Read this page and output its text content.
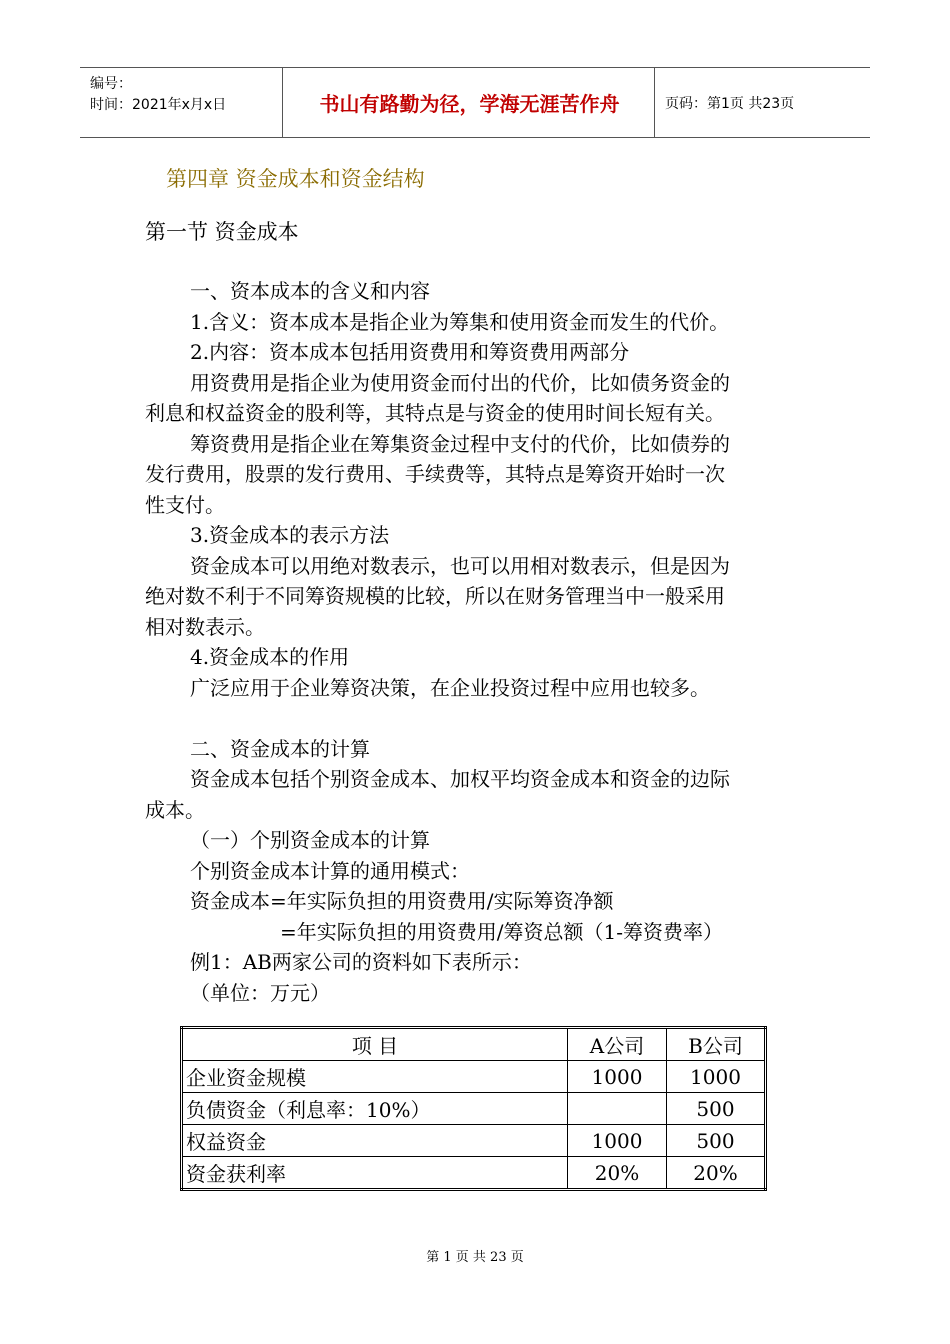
编号：
时间：2021年x月x日	书山有路勤为径，学海无涯苦作舟	页码：第1页 共23页
第四章 资金成本和资金结构
第一节 资金成本

一、资本成本的含义和内容

1.含义：资本成本是指企业为筹集和使用资金而发生的代价。

2.内容：资本成本包括用资费用和筹资费用两部分

用资费用是指企业为使用资金而付出的代价，比如债务资金的

利息和权益资金的股利等，其特点是与资金的使用时间长短有关。

筹资费用是指企业在筹集资金过程中支付的代价，比如债券的

发行费用，股票的发行费用、手续费等，其特点是筹资开始时一次

性支付。

3.资金成本的表示方法

资金成本可以用绝对数表示，也可以用相对数表示，但是因为

绝对数不利于不同筹资规模的比较，所以在财务管理当中一般采用

相对数表示。

4.资金成本的作用

广泛应用于企业筹资决策，在企业投资过程中应用也较多。

二、资金成本的计算

资金成本包括个别资金成本、加权平均资金成本和资金的边际

成本。

（一）个别资金成本的计算

个别资金成本计算的通用模式：

资金成本=年实际负担的用资费用/实际筹资净额

=年实际负担的用资费用/筹资总额（1-筹资费率）

例1：AB两家公司的资料如下表所示：

（单位：万元）

项 目	A公司	B公司
企业资金规模	1000	1000
负债资金（利息率：10%）		500
权益资金	1000	500
资金获利率	20%	20%
第 1 页 共 23 页
